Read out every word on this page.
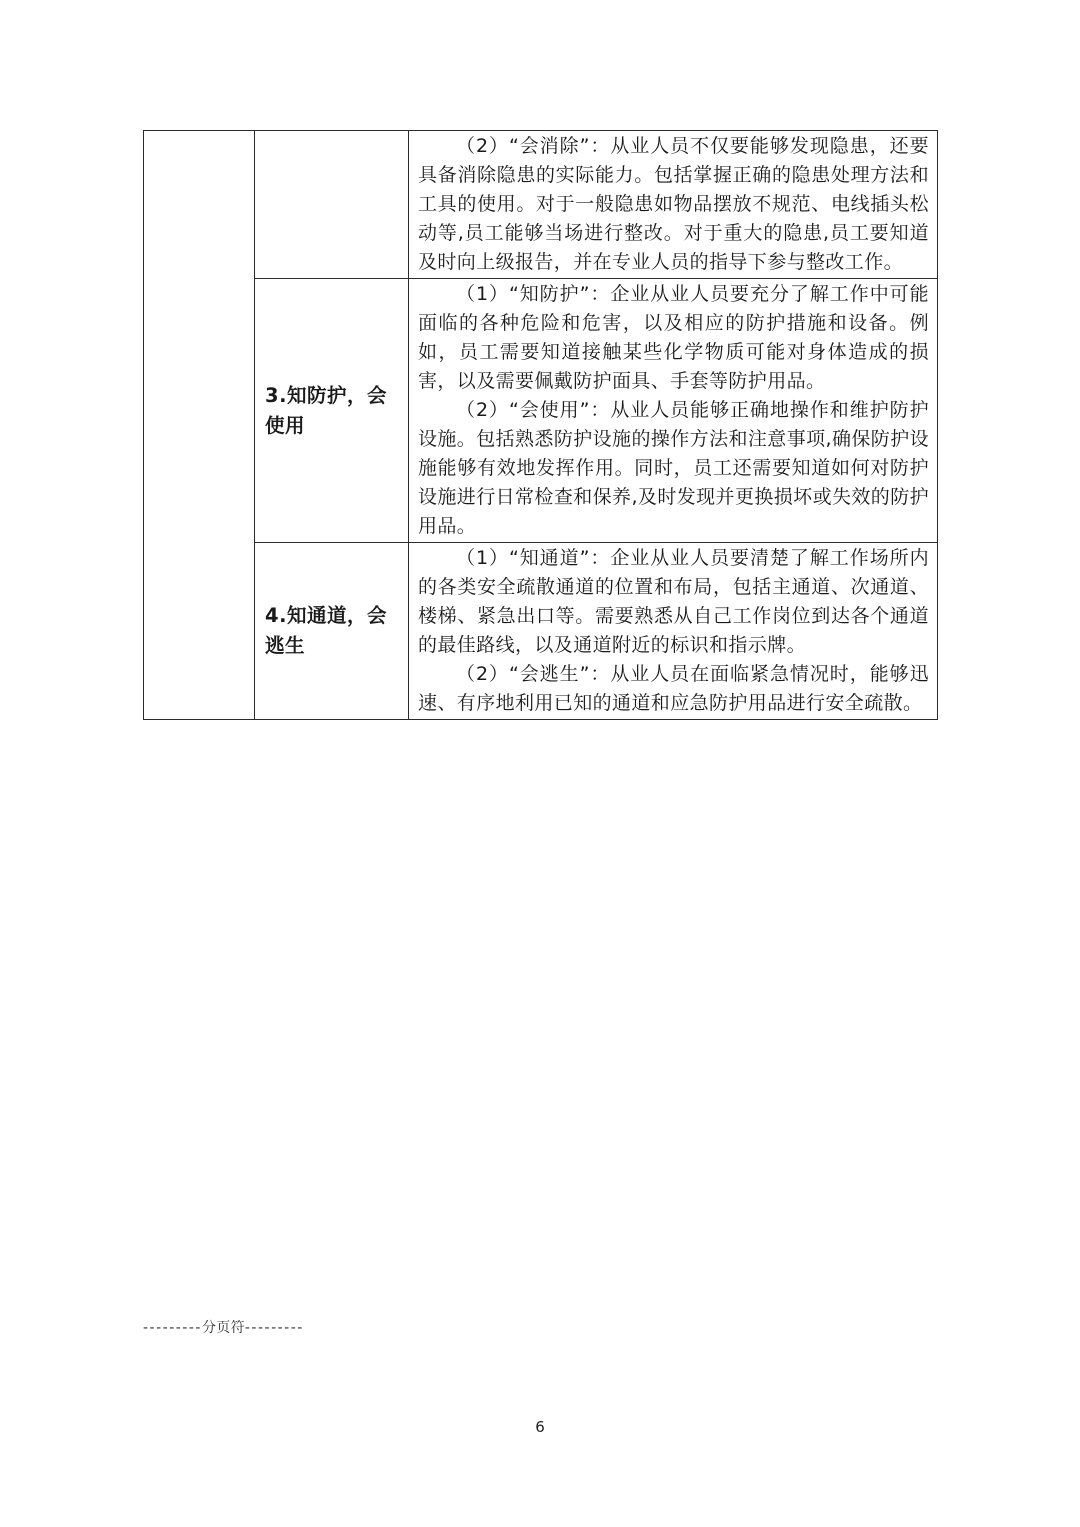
		（2）“会消除”：从业人员不仅要能够发现隐患，还要具备消除隐患的实际能力。包括掌握正确的隐患处理方法和工具的使用。对于一般隐患如物品摆放不规范、电线插头松动等,员工能够当场进行整改。对于重大的隐患,员工要知道及时向上级报告，并在专业人员的指导下参与整改工作。

	3.知防护，会使用	（1）“知防护”：企业从业人员要充分了解工作中可能面临的各种危险和危害，以及相应的防护措施和设备。例如，员工需要知道接触某些化学物质可能对身体造成的损害，以及需要佩戴防护面具、手套等防护用品。

（2）“会使用”：从业人员能够正确地操作和维护防护设施。包括熟悉防护设施的操作方法和注意事项,确保防护设施能够有效地发挥作用。同时，员工还需要知道如何对防护设施进行日常检查和保养,及时发现并更换损坏或失效的防护用品。

	4.知通道，会逃生	（1）“知通道”：企业从业人员要清楚了解工作场所内的各类安全疏散通道的位置和布局，包括主通道、次通道、楼梯、紧急出口等。需要熟悉从自己工作岗位到达各个通道的最佳路线，以及通道附近的标识和指示牌。

（2）“会逃生”：从业人员在面临紧急情况时，能够迅速、有序地利用已知的通道和应急防护用品进行安全疏散。

---------分页符---------
6
